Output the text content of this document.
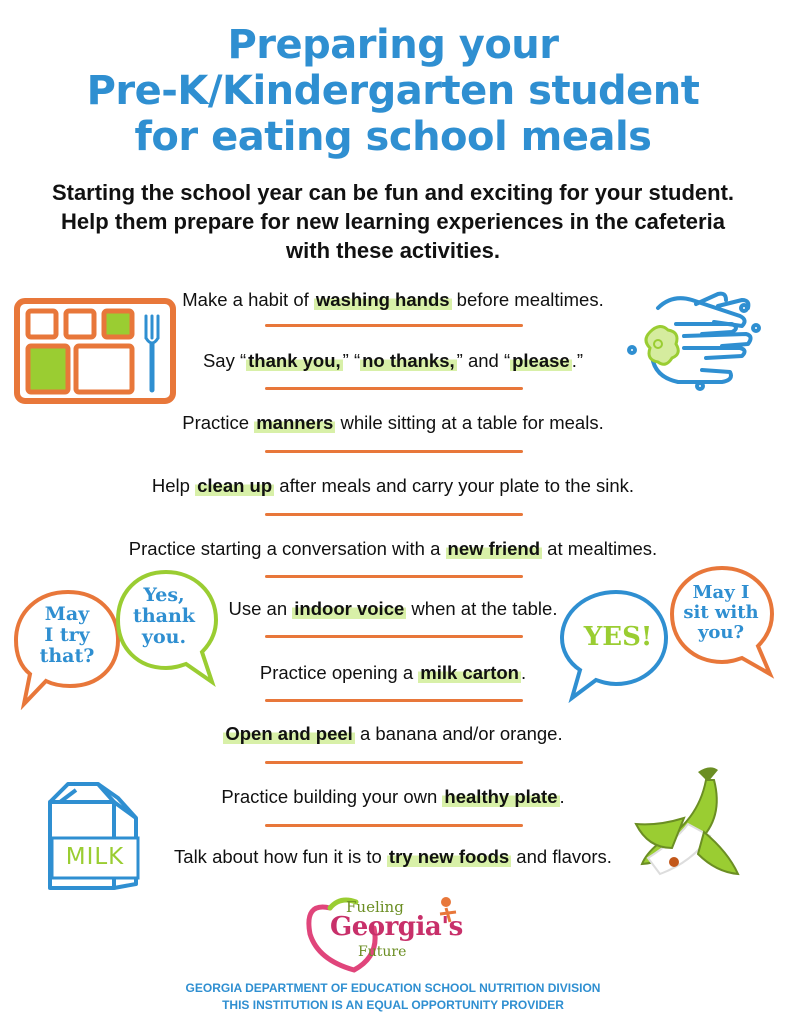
Preparing your
Pre-K/Kindergarten student
for eating school meals
Starting the school year can be fun and exciting for your student.
Help them prepare for new learning experiences in the cafeteria
with these activities.
Make a habit of washing hands before mealtimes.
Say “ thank you, ” “ no thanks, ” and “ please .”
Practice manners while sitting at a table for meals.
Help clean up after meals and carry your plate to the sink.
Practice starting a conversation with a new friend at mealtimes.
Use an indoor voice when at the table.
Practice opening a milk carton .
Open and peel a banana and/or orange.
Practice building your own healthy plate .
Talk about how fun it is to try new foods and flavors.
May
I try
that?
Yes,
thank
you.	YES!
May I
sit with
you?
MILK
Fueling
Georgia's
Future
GEORGIA DEPARTMENT OF EDUCATION SCHOOL NUTRITION DIVISION
THIS INSTITUTION IS AN EQUAL OPPORTUNITY PROVIDER
